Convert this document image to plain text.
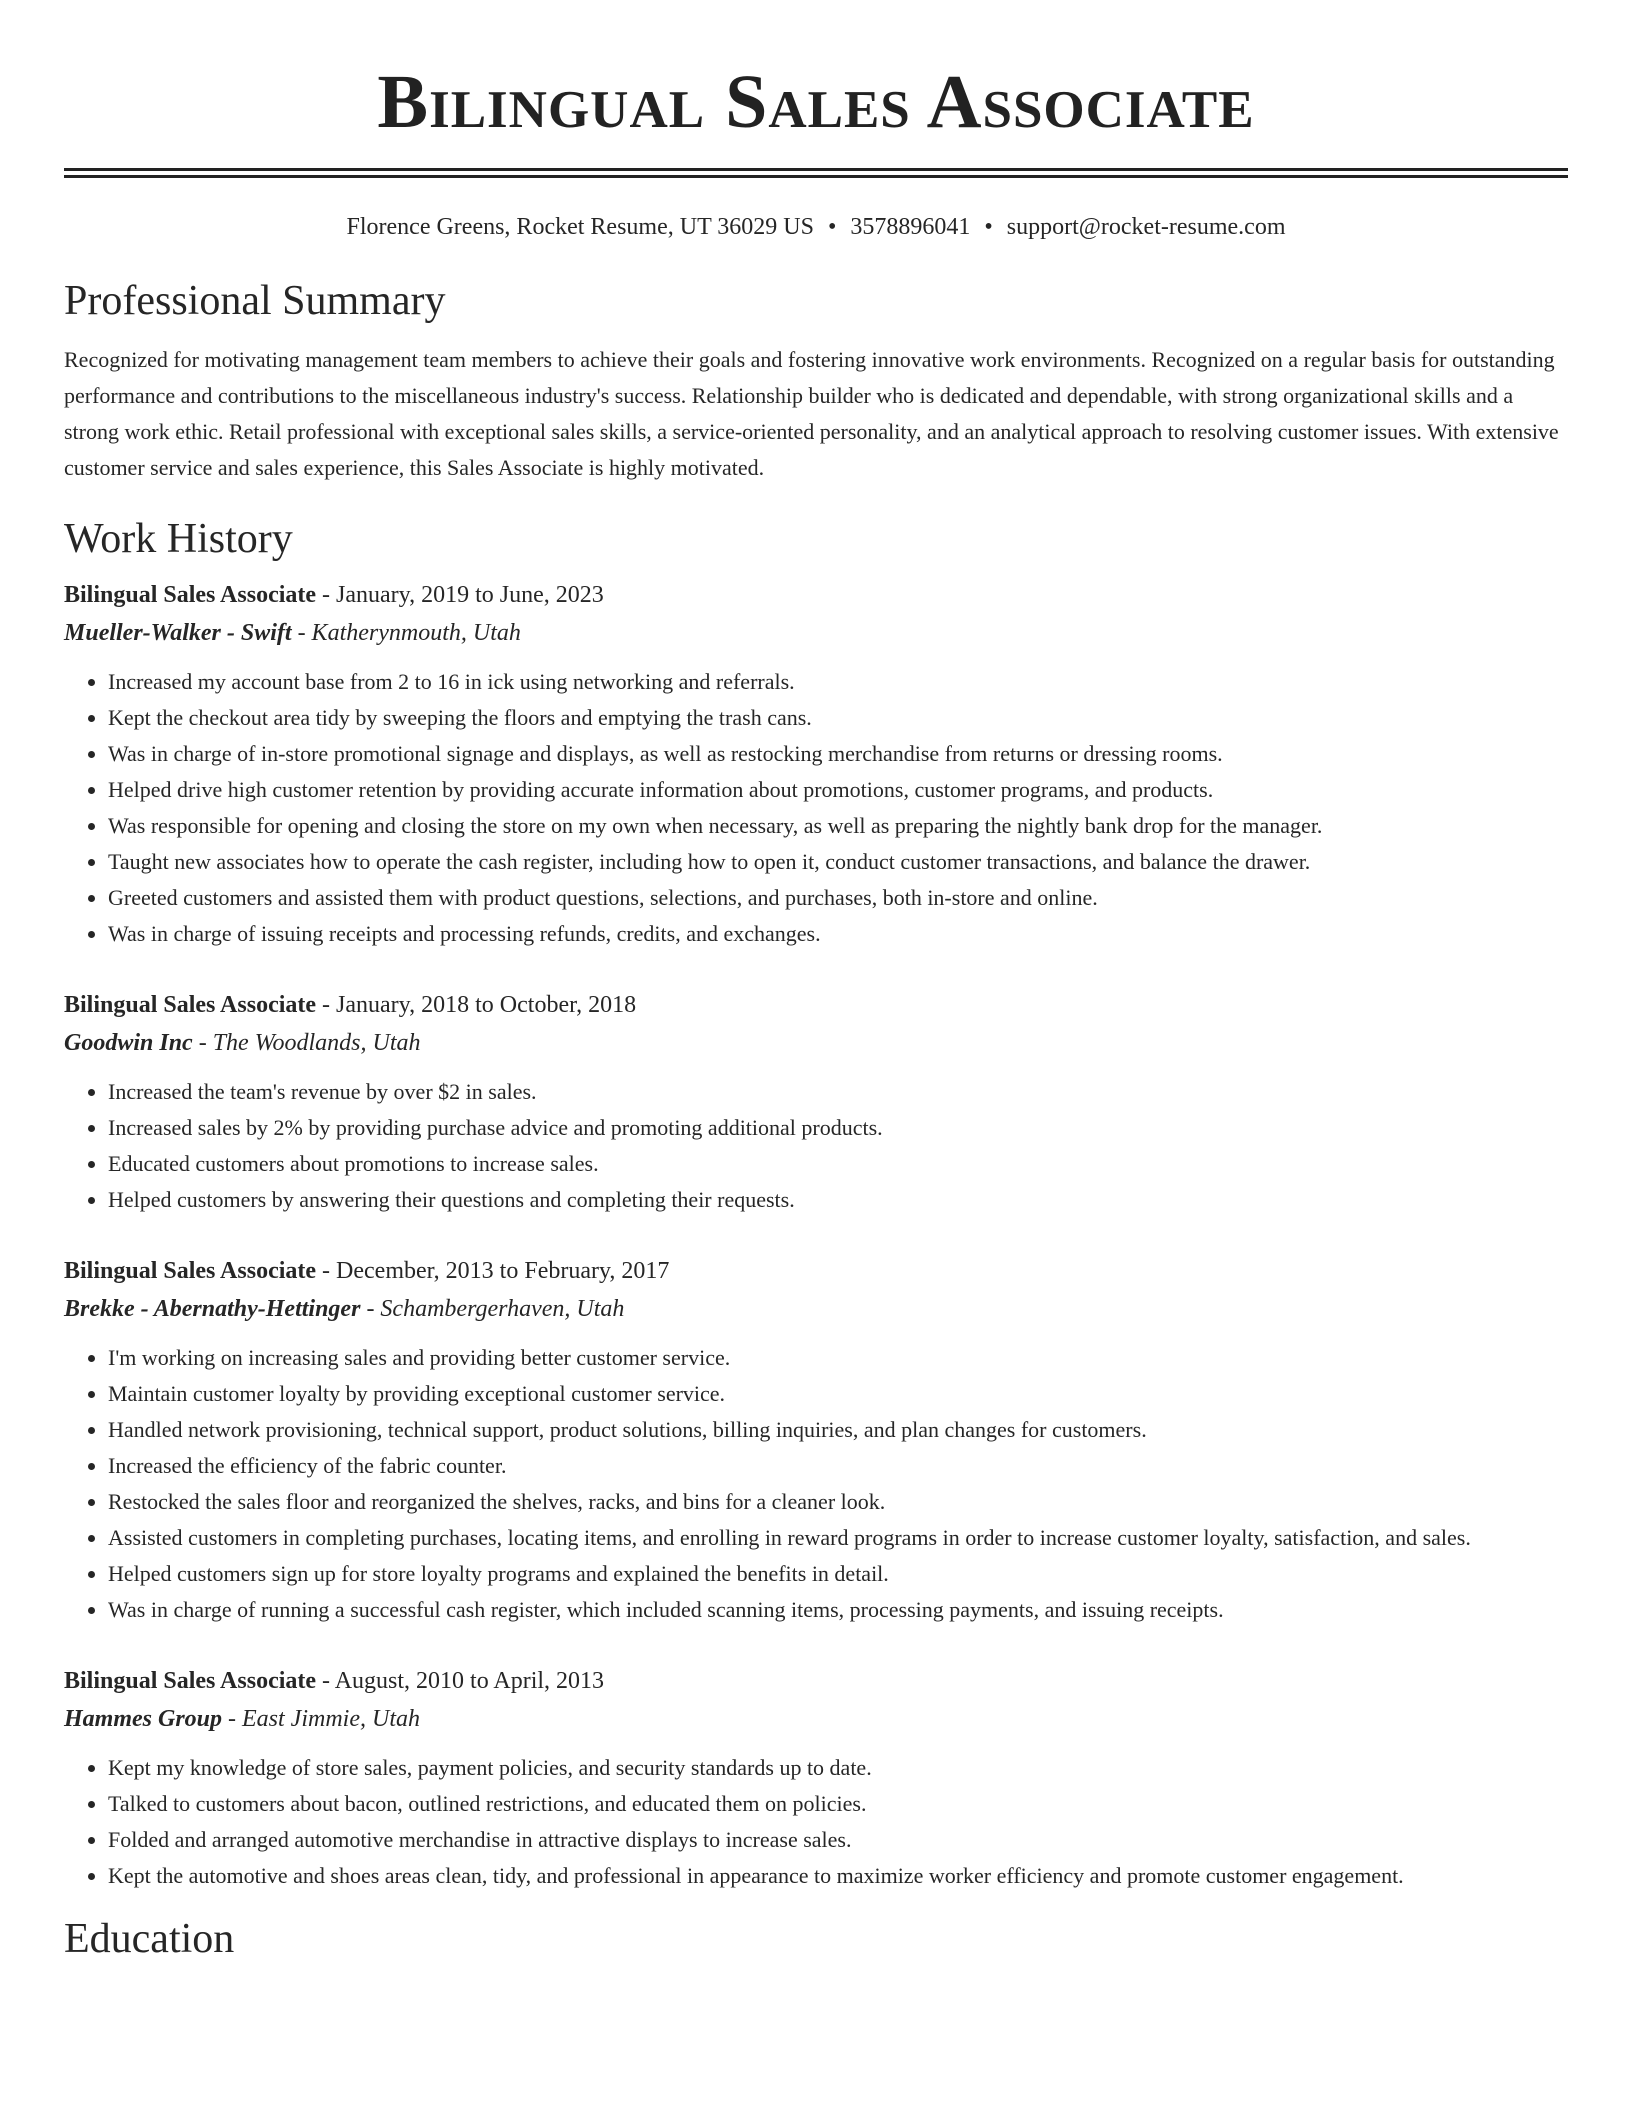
Bilingual Sales Associate
Florence Greens, Rocket Resume, UT 36029 US • 3578896041 • support@rocket-resume.com
Professional Summary

Recognized for motivating management team members to achieve their goals and fostering innovative work environments. Recognized on a regular basis for outstanding performance and contributions to the miscellaneous industry's success. Relationship builder who is dedicated and dependable, with strong organizational skills and a strong work ethic. Retail professional with exceptional sales skills, a service-oriented personality, and an analytical approach to resolving customer issues. With extensive customer service and sales experience, this Sales Associate is highly motivated.

Work History
Bilingual Sales Associate - January, 2019 to June, 2023
Mueller-Walker - Swift - Katherynmouth, Utah
• Increased my account base from 2 to 16 in ick using networking and referrals.
• Kept the checkout area tidy by sweeping the floors and emptying the trash cans.
• Was in charge of in-store promotional signage and displays, as well as restocking merchandise from returns or dressing rooms.
• Helped drive high customer retention by providing accurate information about promotions, customer programs, and products.
• Was responsible for opening and closing the store on my own when necessary, as well as preparing the nightly bank drop for the manager.
• Taught new associates how to operate the cash register, including how to open it, conduct customer transactions, and balance the drawer.
• Greeted customers and assisted them with product questions, selections, and purchases, both in-store and online.
• Was in charge of issuing receipts and processing refunds, credits, and exchanges.
Bilingual Sales Associate - January, 2018 to October, 2018
Goodwin Inc - The Woodlands, Utah
• Increased the team's revenue by over $2 in sales.
• Increased sales by 2% by providing purchase advice and promoting additional products.
• Educated customers about promotions to increase sales.
• Helped customers by answering their questions and completing their requests.
Bilingual Sales Associate - December, 2013 to February, 2017
Brekke - Abernathy-Hettinger - Schambergerhaven, Utah
• I'm working on increasing sales and providing better customer service.
• Maintain customer loyalty by providing exceptional customer service.
• Handled network provisioning, technical support, product solutions, billing inquiries, and plan changes for customers.
• Increased the efficiency of the fabric counter.
• Restocked the sales floor and reorganized the shelves, racks, and bins for a cleaner look.
• Assisted customers in completing purchases, locating items, and enrolling in reward programs in order to increase customer loyalty, satisfaction, and sales.
• Helped customers sign up for store loyalty programs and explained the benefits in detail.
• Was in charge of running a successful cash register, which included scanning items, processing payments, and issuing receipts.
Bilingual Sales Associate - August, 2010 to April, 2013
Hammes Group - East Jimmie, Utah
• Kept my knowledge of store sales, payment policies, and security standards up to date.
• Talked to customers about bacon, outlined restrictions, and educated them on policies.
• Folded and arranged automotive merchandise in attractive displays to increase sales.
• Kept the automotive and shoes areas clean, tidy, and professional in appearance to maximize worker efficiency and promote customer engagement.
Education
